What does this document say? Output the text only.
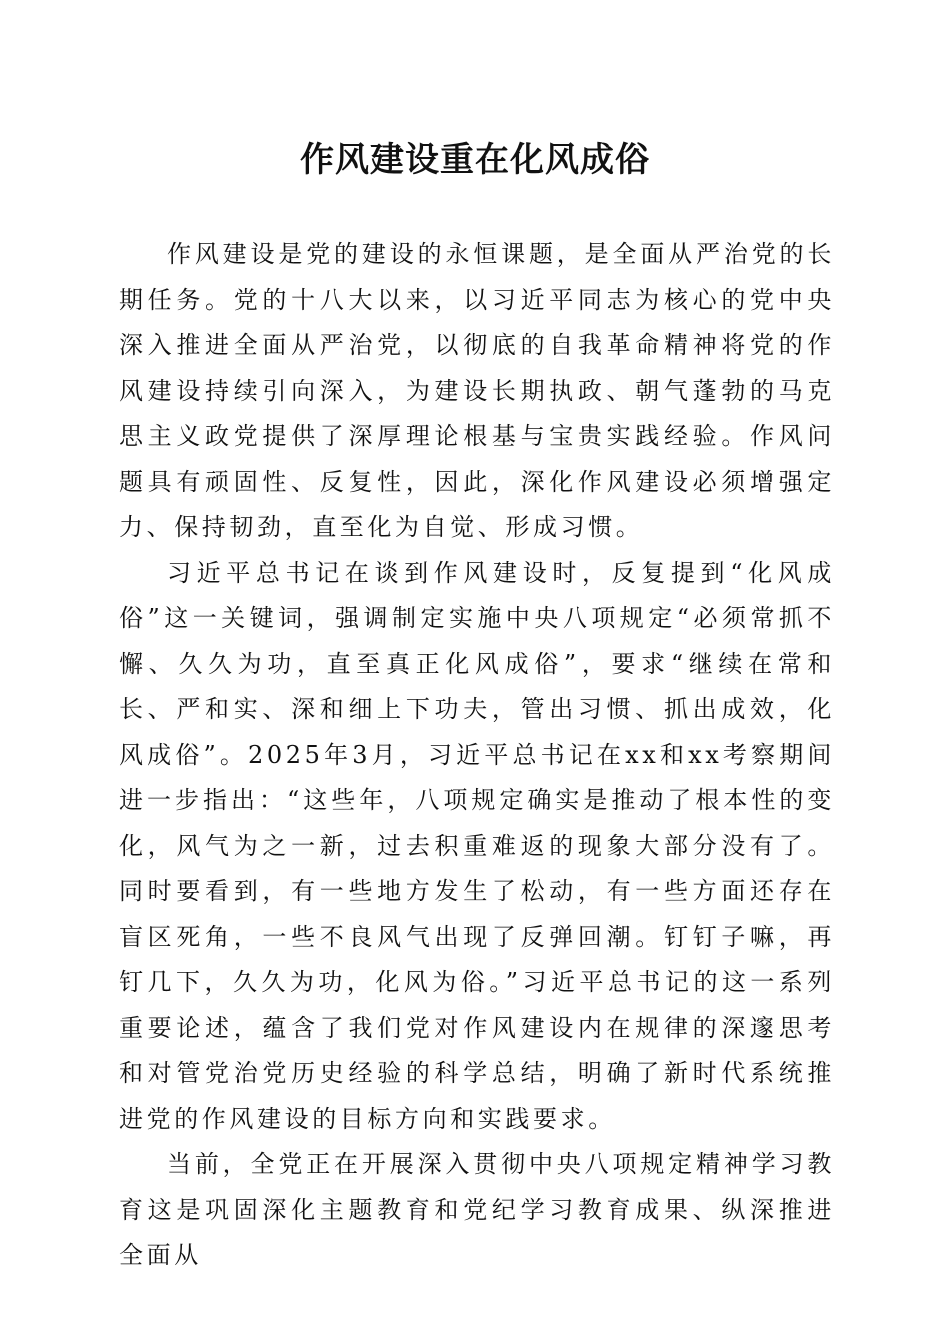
作风建设重在化风成俗

作风建设是党的建设的永恒课题，是全面从严治党的长期任务。党的十八大以来，以习近平同志为核心的党中央深入推进全面从严治党，以彻底的自我革命精神将党的作风建设持续引向深入，为建设长期执政、朝气蓬勃的马克思主义政党提供了深厚理论根基与宝贵实践经验。作风问题具有顽固性、反复性，因此，深化作风建设必须增强定力、保持韧劲，直至化为自觉、形成习惯。

习近平总书记在谈到作风建设时，反复提到“化风成俗”这一关键词，强调制定实施中央八项规定“必须常抓不懈、久久为功，直至真正化风成俗”，要求“继续在常和长、严和实、深和细上下功夫，管出习惯、抓出成效，化风成俗”。2025年3月，习近平总书记在xx和xx考察期间进一步指出：“这些年，八项规定确实是推动了根本性的变化，风气为之一新，过去积重难返的现象大部分没有了。同时要看到，有一些地方发生了松动，有一些方面还存在盲区死角，一些不良风气出现了反弹回潮。钉钉子嘛，再钉几下，久久为功，化风为俗。”习近平总书记的这一系列重要论述，蕴含了我们党对作风建设内在规律的深邃思考和对管党治党历史经验的科学总结，明确了新时代系统推进党的作风建设的目标方向和实践要求。

当前，全党正在开展深入贯彻中央八项规定精神学习教育这是巩固深化主题教育和党纪学习教育成果、纵深推进全面从
